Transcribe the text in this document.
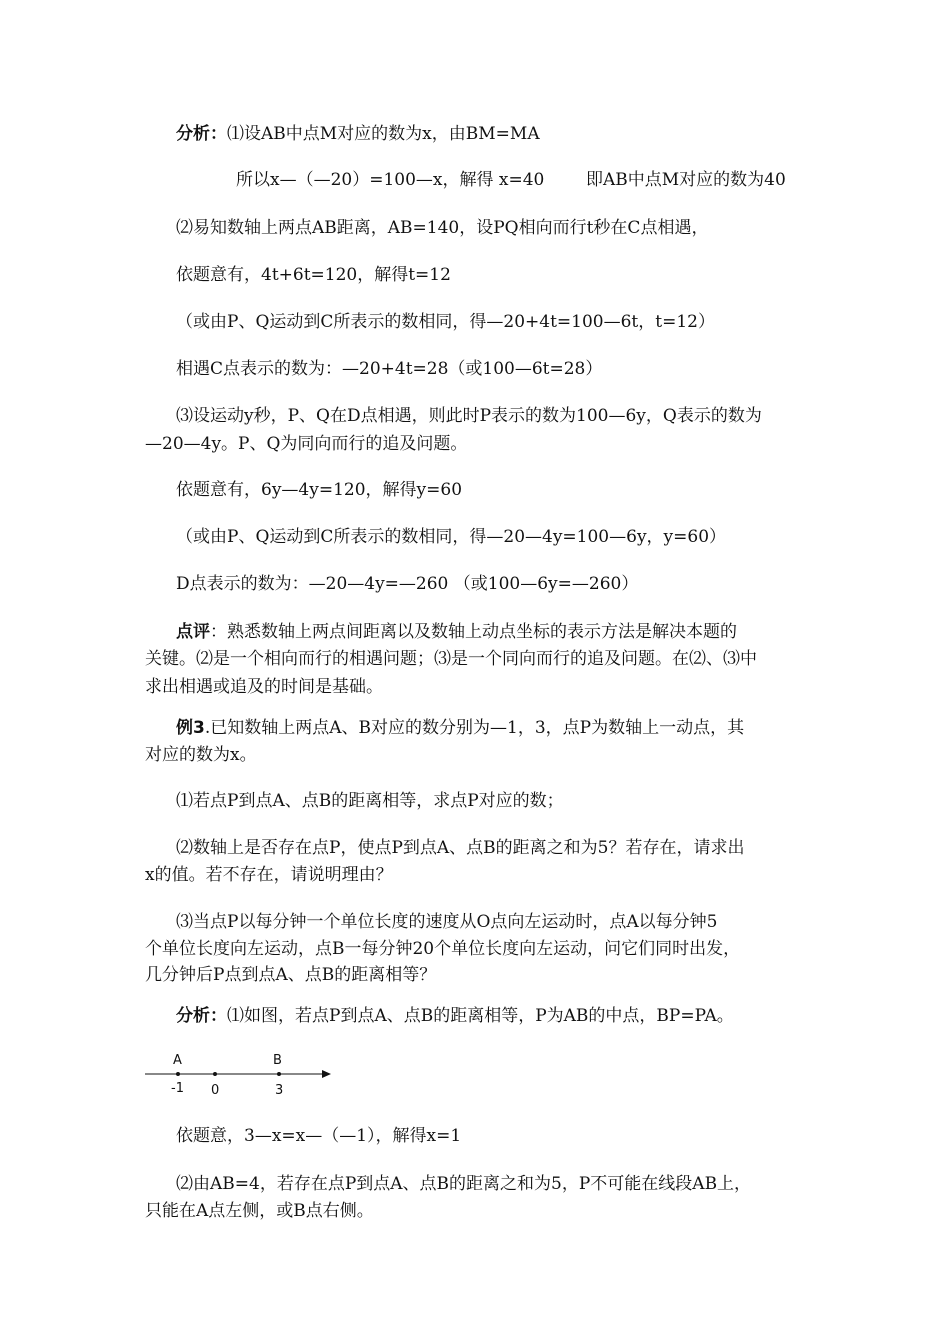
分析：⑴设AB中点M对应的数为x，由BM=MA
所以x—（—20）=100—x，解得 x=40 即AB中点M对应的数为40
⑵易知数轴上两点AB距离，AB=140，设PQ相向而行t秒在C点相遇，
依题意有，4t+6t=120，解得t=12
（或由P、Q运动到C所表示的数相同，得—20+4t=100—6t，t=12）
相遇C点表示的数为：—20+4t=28（或100—6t=28）
⑶设运动y秒，P、Q在D点相遇，则此时P表示的数为100—6y，Q表示的数为
—20—4y。P、Q为同向而行的追及问题。
依题意有，6y—4y=120，解得y=60
（或由P、Q运动到C所表示的数相同，得—20—4y=100—6y，y=60）
D点表示的数为：—20—4y=—260 （或100—6y=—260）
点评：熟悉数轴上两点间距离以及数轴上动点坐标的表示方法是解决本题的
关键。⑵是一个相向而行的相遇问题；⑶是一个同向而行的追及问题。在⑵、⑶中
求出相遇或追及的时间是基础。
例3.已知数轴上两点A、B对应的数分别为—1，3，点P为数轴上一动点，其
对应的数为x。
⑴若点P到点A、点B的距离相等，求点P对应的数；
⑵数轴上是否存在点P，使点P到点A、点B的距离之和为5？若存在，请求出
x的值。若不存在，请说明理由？
⑶当点P以每分钟一个单位长度的速度从O点向左运动时，点A以每分钟5
个单位长度向左运动，点B一每分钟20个单位长度向左运动，问它们同时出发，
几分钟后P点到点A、点B的距离相等？
分析：⑴如图，若点P到点A、点B的距离相等，P为AB的中点，BP=PA。
A	B
-1 0	3
依题意，3—x=x—（—1），解得x=1
⑵由AB=4，若存在点P到点A、点B的距离之和为5，P不可能在线段AB上，
只能在A点左侧，或B点右侧。
